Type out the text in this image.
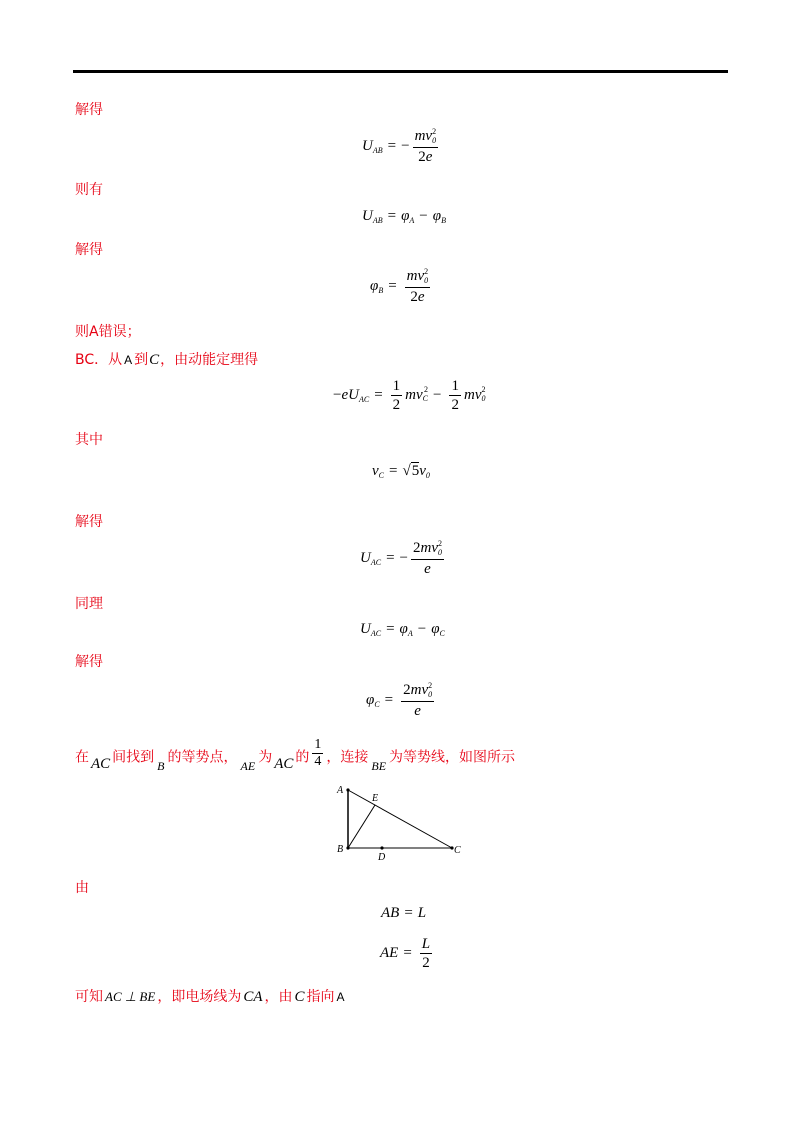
解得
U AB = − $\frac{mv_0^2}{2e}$
则有
U AB = φ A − φ B
解得
φ $B = \frac{mv_0^2}{2e}$
则A错误；
BC．从 A 到C，由动能定理得
− eU AC = $\frac{1}{2}$ mv C
$2 - \frac{1}{2}$ mv 0
2
其中
v C = √ 5 v 0
解得
U AC = − $\frac{2mv_0^2}{e}$
同理
U AC = φ A − φ C
解得
φ $C = \frac{2mv_0^2}{e}$
在 AC 间找到 B 的等势点， AE 为 AC 的 $\frac{1}{4}$ ，连接 BE 为等势线，如图所示
A
E
B
D
C
由
AB = L
AE = $\frac{L}{2}$
可知 AC ⊥ BE ，即电场线为 CA ，由 C 指向 A
